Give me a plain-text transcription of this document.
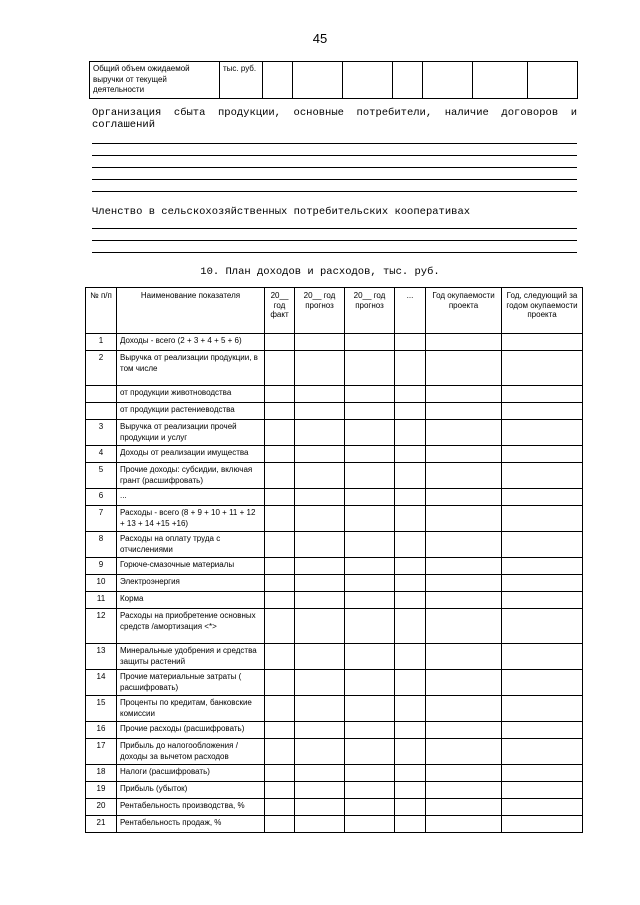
45
Общий объем ожидаемой выручки от текущей деятельности	тыс. руб.							
Организация сбыта продукции, основные потребители, наличие договоров и соглашений
Членство в сельскохозяйственных потребительских кооперативах
10. План доходов и расходов, тыс. руб.
№ п/п	Наименование показателя	20__ год факт	20__ год прогноз	20__ год прогноз	...	Год окупаемости проекта	Год, следующий за годом окупаемости проекта
1	Доходы - всего (2 + 3 + 4 + 5 + 6)						
2	Выручка от реализации продукции, в том числе						
	от продукции животноводства						
	от продукции растениеводства						
3	Выручка от реализации прочей продукции и услуг						
4	Доходы от реализации имущества						
5	Прочие доходы: субсидии, включая грант (расшифровать)						
6	...						
7	Расходы - всего (8 + 9 + 10 + 11 + 12 + 13 + 14 +15 +16)						
8	Расходы на оплату труда с отчислениями						
9	Горюче-смазочные материалы						
10	Электроэнергия						
11	Корма						
12	Расходы на приобретение основных средств /амортизация <*>						
13	Минеральные удобрения и средства защиты растений						
14	Прочие материальные затраты ( расшифровать)						
15	Проценты по кредитам, банковские комиссии						
16	Прочие расходы (расшифровать)						
17	Прибыль до налогообложения / доходы за вычетом расходов						
18	Налоги (расшифровать)						
19	Прибыль (убыток)						
20	Рентабельность производства, %						
21	Рентабельность продаж, %						
